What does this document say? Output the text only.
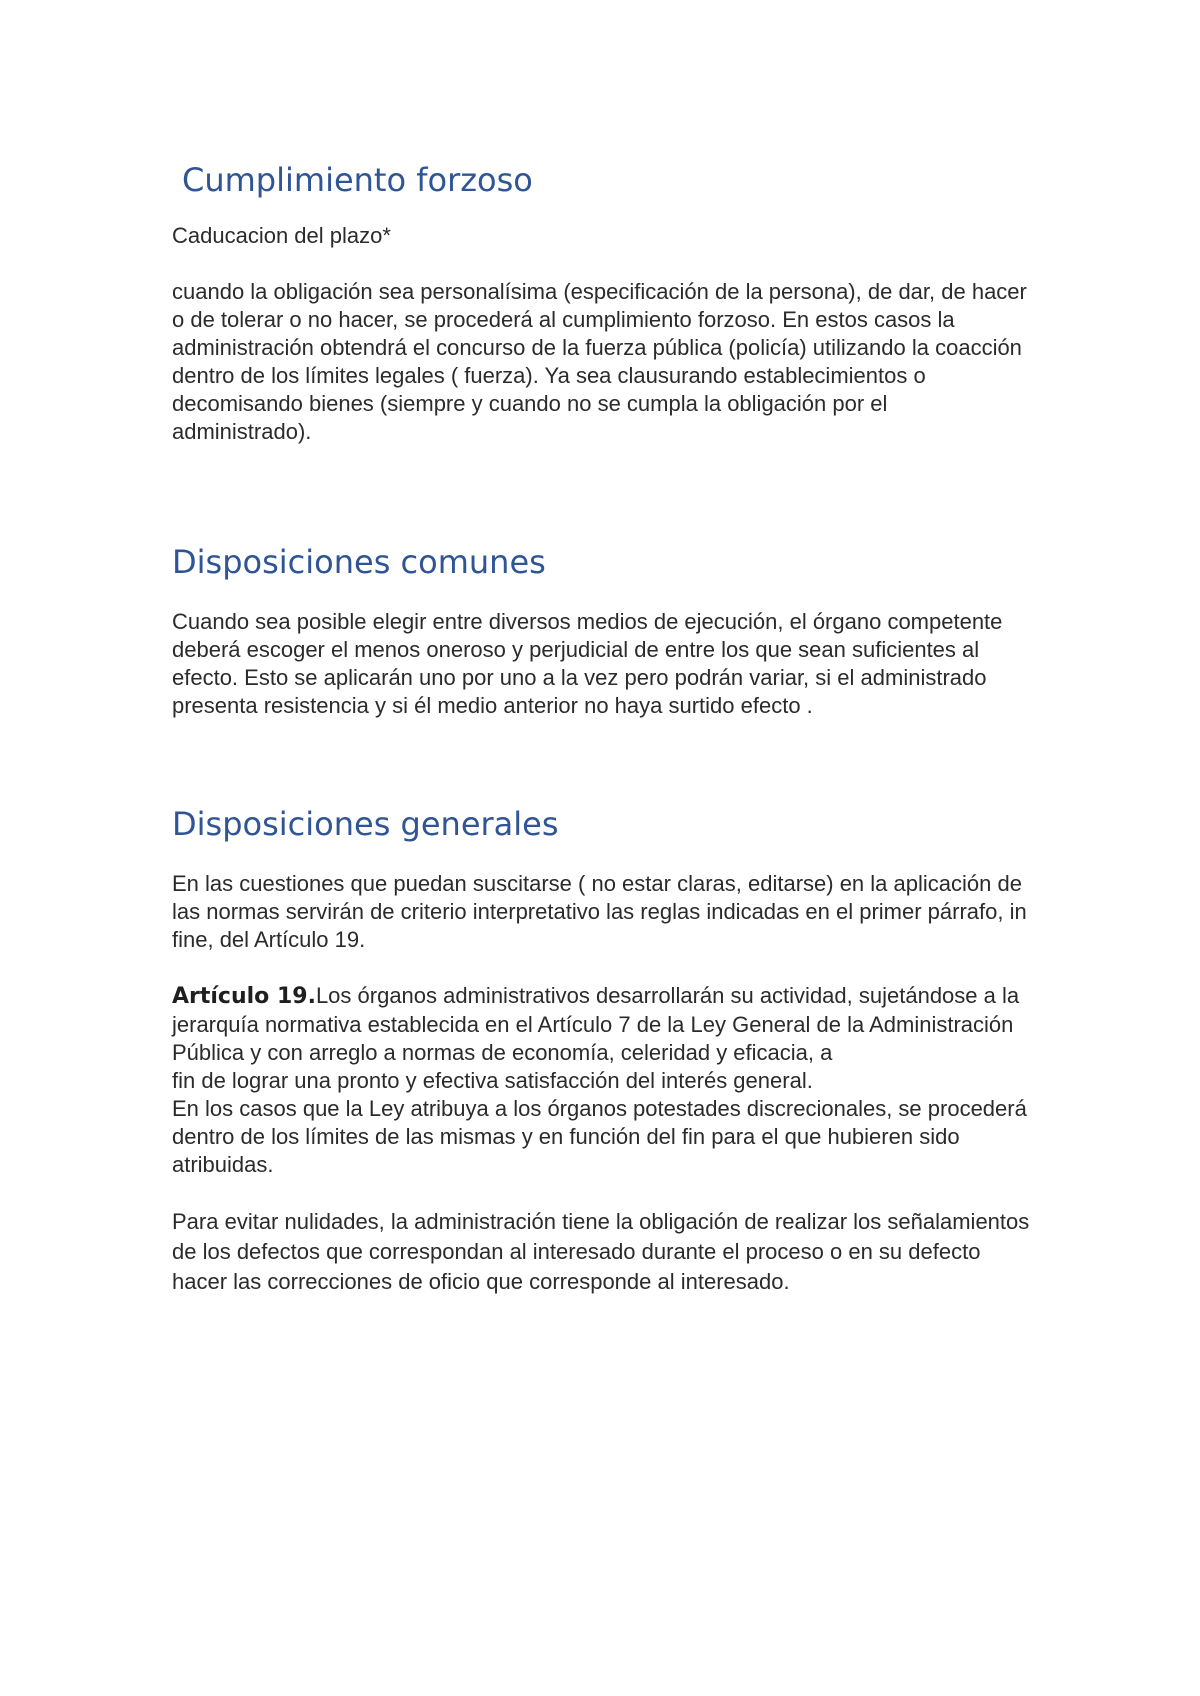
Cumplimiento forzoso

Caducacion del plazo*

cuando la obligación sea personalísima (especificación de la persona), de dar, de hacer o de tolerar o no hacer, se procederá al cumplimiento forzoso. En estos casos la administración obtendrá el concurso de la fuerza pública (policía) utilizando la coacción dentro de los límites legales ( fuerza). Ya sea clausurando establecimientos o decomisando bienes (siempre y cuando no se cumpla la obligación por el administrado).

Disposiciones comunes

Cuando sea posible elegir entre diversos medios de ejecución, el órgano competente deberá escoger el menos oneroso y perjudicial de entre los que sean suficientes al efecto. Esto se aplicarán uno por uno a la vez pero podrán variar, si el administrado presenta resistencia y si él medio anterior no haya surtido efecto .

Disposiciones generales

En las cuestiones que puedan suscitarse ( no estar claras, editarse) en la aplicación de las normas servirán de criterio interpretativo las reglas indicadas en el primer párrafo, in fine, del Artículo 19.

Artículo 19.Los órganos administrativos desarrollarán su actividad, sujetándose a la
jerarquía normativa establecida en el Artículo 7 de la Ley General de la Administración Pública y con arreglo a normas de economía, celeridad y eficacia, a
fin de lograr una pronto y efectiva satisfacción del interés general.
En los casos que la Ley atribuya a los órganos potestades discrecionales, se procederá dentro de los límites de las mismas y en función del fin para el que hubieren sido atribuidas.

Para evitar nulidades, la administración tiene la obligación de realizar los señalamientos de los defectos que correspondan al interesado durante el proceso o en su defecto hacer las correcciones de oficio que corresponde al interesado.
